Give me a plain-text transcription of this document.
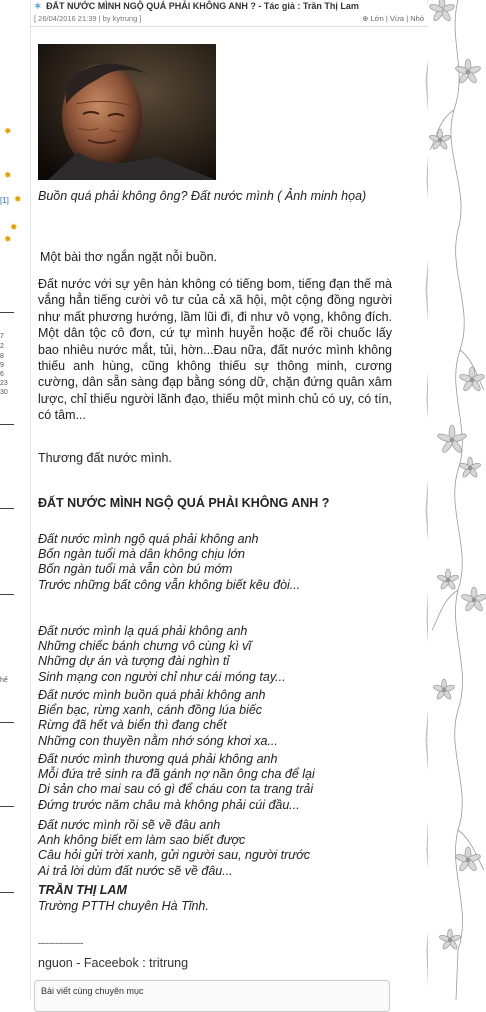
✸
✸
[1] ✸
✸
✸
7
2
8
9
6
23
30
hế
✶ ĐẤT NƯỚC MÌNH NGỘ QUÁ PHẢI KHÔNG ANH ? - Tác giả : Trần Thị Lam
[ 26/04/2016 21:39 | by kytrung ]	⊕ Lớn | Vừa | Nhỏ
Buồn quá phải không ông? Đất nước mình ( Ảnh minh họa)
Một bài thơ ngắn ngặt nỗi buồn.
Đất nước với sự yên hàn không có tiếng bom, tiếng đạn thế mà vắng hẳn tiếng cười vô tư của cả xã hội, một cộng đồng người như mất phương hướng, lầm lũi đi, đi như vô vọng, không đích. Một dân tộc cô đơn, cứ tự mình huyễn hoặc để rồi chuốc lấy bao nhiêu nước mắt, tủi, hờn...Đau nữa, đất nước mình không thiếu anh hùng, cũng không thiếu sự thông minh, cương cường, dân sẵn sàng đạp bằng sóng dữ, chặn đứng quân xâm lược, chỉ thiếu người lãnh đạo, thiếu một mình chủ có uy, có tín, có tâm...
Thương đất nước mình.
ĐẤT NƯỚC MÌNH NGỘ QUÁ PHẢI KHÔNG ANH ?
Đất nước mình ngộ quá phải không anh
Bốn ngàn tuổi mà dân không chịu lớn
Bốn ngàn tuổi mà vẫn còn bú mớm
Trước những bất công vẫn không biết kêu đòi...
Đất nước mình lạ quá phải không anh
Những chiếc bánh chưng vô cùng kì vĩ
Những dự án và tượng đài nghìn tỉ
Sinh mạng con người chỉ như cái móng tay...
Đất nước mình buồn quá phải không anh
Biển bạc, rừng xanh, cánh đồng lúa biếc
Rừng đã hết và biển thì đang chết
Những con thuyền nằm nhớ sóng khơi xa...
Đất nước mình thương quá phải không anh
Mỗi đứa trẻ sinh ra đã gánh nợ nần ông cha để lại
Di sản cho mai sau có gì để cháu con ta trang trải
Đứng trước năm châu mà không phải cúi đầu...
Đất nước mình rồi sẽ về đâu anh
Anh không biết em làm sao biết được
Câu hỏi gửi trời xanh, gửi người sau, người trước
Ai trả lời dùm đất nước sẽ về đâu...
TRẦN THỊ LAM
Trường PTTH chuyên Hà Tĩnh.
------------------
nguon - Faceebok : tritrung
Bài viết cùng chuyên mục
